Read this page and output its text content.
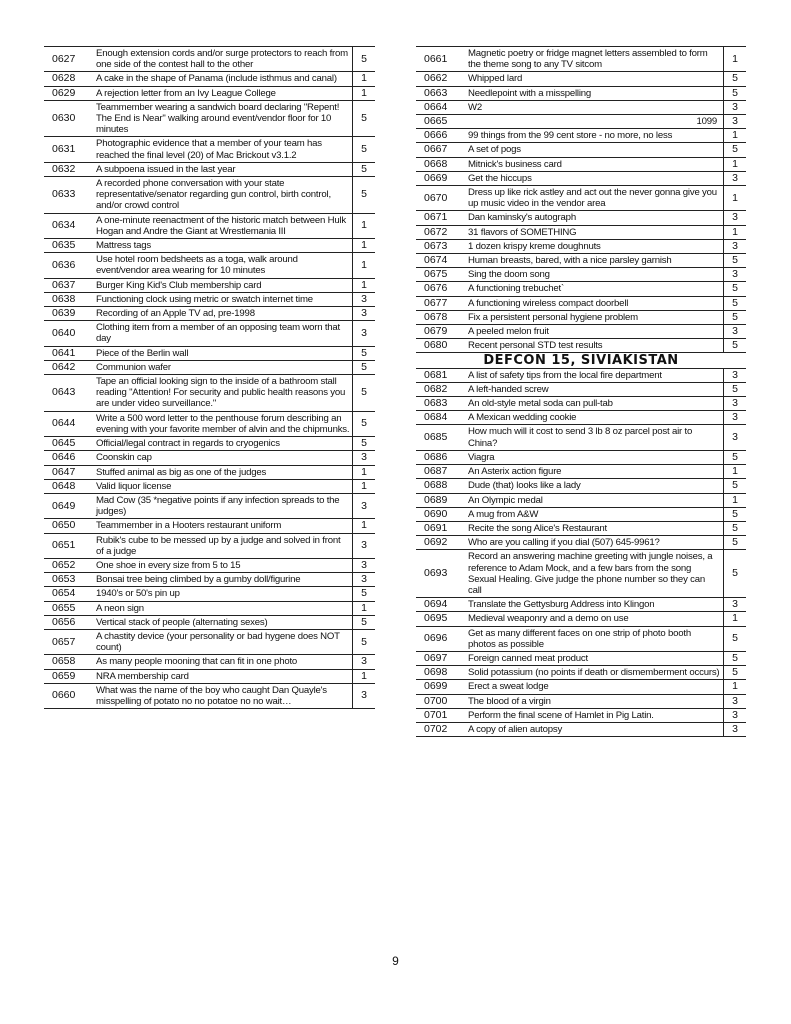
0627	Enough extension cords and/or surge protectors to reach from one side of the contest hall to the other	5
0628	A cake in the shape of Panama (include isthmus and canal)	1
0629	A rejection letter from an Ivy League College	1
0630	Teammember wearing a sandwich board declaring "Repent! The End is Near" walking around event/vendor floor for 10 minutes	5
0631	Photographic evidence that a member of your team has reached the final level (20) of Mac Brickout v3.1.2	5
0632	A subpoena issued in the last year	5
0633	A recorded phone conversation with your state representative/senator regarding gun control, birth control, and/or crowd control	5
0634	A one-minute reenactment of the historic match between Hulk Hogan and Andre the Giant at Wrestlemania III	1
0635	Mattress tags	1
0636	Use hotel room bedsheets as a toga, walk around event/vendor area wearing for 10 minutes	1
0637	Burger King Kid's Club membership card	1
0638	Functioning clock using metric or swatch internet time	3
0639	Recording of an Apple TV ad, pre-1998	3
0640	Clothing item from a member of an opposing team worn that day	3
0641	Piece of the Berlin wall	5
0642	Communion wafer	5
0643	Tape an official looking sign to the inside of a bathroom stall reading "Attention! For security and public health reasons you are under video surveillance."	5
0644	Write a 500 word letter to the penthouse forum describing an evening with your favorite member of alvin and the chipmunks.	5
0645	Official/legal contract in regards to cryogenics	5
0646	Coonskin cap	3
0647	Stuffed animal as big as one of the judges	1
0648	Valid liquor license	1
0649	Mad Cow (35 *negative points if any infection spreads to the judges)	3
0650	Teammember in a Hooters restaurant uniform	1
0651	Rubik's cube to be messed up by a judge and solved in front of a judge	3
0652	One shoe in every size from 5 to 15	3
0653	Bonsai tree being climbed by a gumby doll/figurine	3
0654	1940's or 50's pin up	5
0655	A neon sign	1
0656	Vertical stack of people (alternating sexes)	5
0657	A chastity device (your personality or bad hygene does NOT count)	5
0658	As many people mooning that can fit in one photo	3
0659	NRA membership card	1
0660	What was the name of the boy who caught Dan Quayle's misspelling of potato no no potatoe no no wait…	3
0661	Magnetic poetry or fridge magnet letters assembled to form the theme song to any TV sitcom	1
0662	Whipped lard	5
0663	Needlepoint with a misspelling	5
0664	W2	3
0665	1099	3
0666	99 things from the 99 cent store - no more, no less	1
0667	A set of pogs	5
0668	Mitnick's business card	1
0669	Get the hiccups	3
0670	Dress up like rick astley and act out the never gonna give you up music video in the vendor area	1
0671	Dan kaminsky's autograph	3
0672	31 flavors of SOMETHING	1
0673	1 dozen krispy kreme doughnuts	3
0674	Human breasts, bared, with a nice parsley garnish	5
0675	Sing the doom song	3
0676	A functioning trebuchet`	5
0677	A functioning wireless compact doorbell	5
0678	Fix a persistent personal hygiene problem	5
0679	A peeled melon fruit	3
0680	Recent personal STD test results	5
DEFCON 15, SIVIAKISTAN		
0681	A list of safety tips from the local fire department	3
0682	A left-handed screw	5
0683	An old-style metal soda can pull-tab	3
0684	A Mexican wedding cookie	3
0685	How much will it cost to send 3 lb 8 oz parcel post air to China?	3
0686	Viagra	5
0687	An Asterix action figure	1
0688	Dude (that) looks like a lady	5
0689	An Olympic medal	1
0690	A mug from A&W	5
0691	Recite the song Alice's Restaurant	5
0692	Who are you calling if you dial (507) 645-9961?	5
0693	Record an answering machine greeting with jungle noises, a reference to Adam Mock, and a few bars from the song Sexual Healing. Give judge the phone number so they can call	5
0694	Translate the Gettysburg Address into Klingon	3
0695	Medieval weaponry and a demo on use	1
0696	Get as many different faces on one strip of photo booth photos as possible	5
0697	Foreign canned meat product	5
0698	Solid potassium (no points if death or dismemberment occurs)	5
0699	Erect a sweat lodge	1
0700	The blood of a virgin	3
0701	Perform the final scene of Hamlet in Pig Latin.	3
0702	A copy of alien autopsy	3
9
